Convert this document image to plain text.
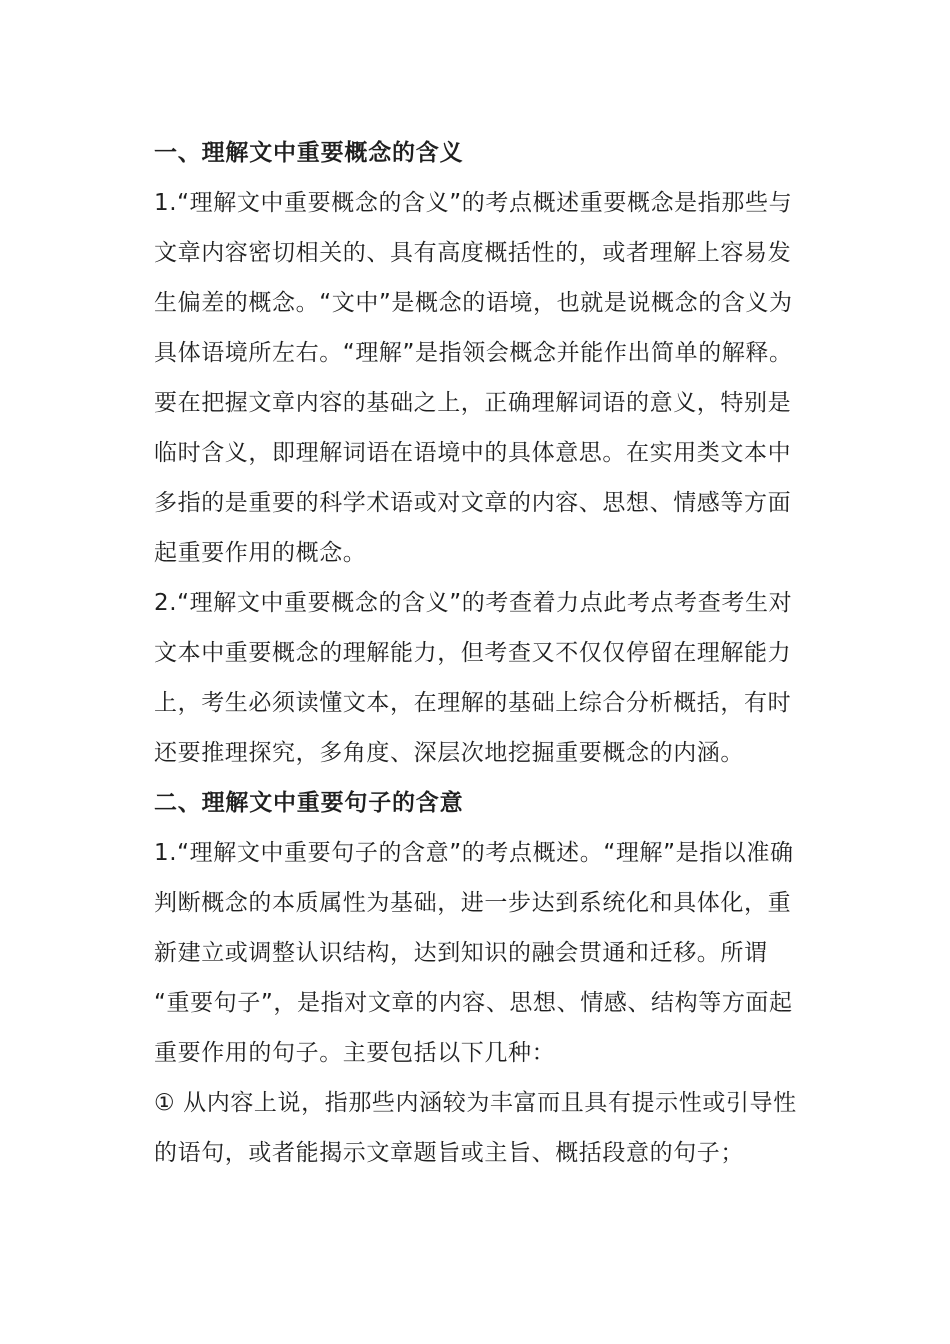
一、理解文中重要概念的含义
1.“理解文中重要概念的含义”的考点概述重要概念是指那些与
文章内容密切相关的、具有高度概括性的，或者理解上容易发
生偏差的概念。“文中”是概念的语境，也就是说概念的含义为
具体语境所左右。“理解”是指领会概念并能作出简单的解释。
要在把握文章内容的基础之上，正确理解词语的意义，特别是
临时含义，即理解词语在语境中的具体意思。在实用类文本中
多指的是重要的科学术语或对文章的内容、思想、情感等方面
起重要作用的概念。
2.“理解文中重要概念的含义”的考查着力点此考点考查考生对
文本中重要概念的理解能力，但考查又不仅仅停留在理解能力
上，考生必须读懂文本，在理解的基础上综合分析概括，有时
还要推理探究，多角度、深层次地挖掘重要概念的内涵。
二、理解文中重要句子的含意
1.“理解文中重要句子的含意”的考点概述。“理解”是指以准确
判断概念的本质属性为基础，进一步达到系统化和具体化，重
新建立或调整认识结构，达到知识的融会贯通和迁移。所谓
“重要句子”，是指对文章的内容、思想、情感、结构等方面起
重要作用的句子。主要包括以下几种：
① 从内容上说，指那些内涵较为丰富而且具有提示性或引导性
的语句，或者能揭示文章题旨或主旨、概括段意的句子；
